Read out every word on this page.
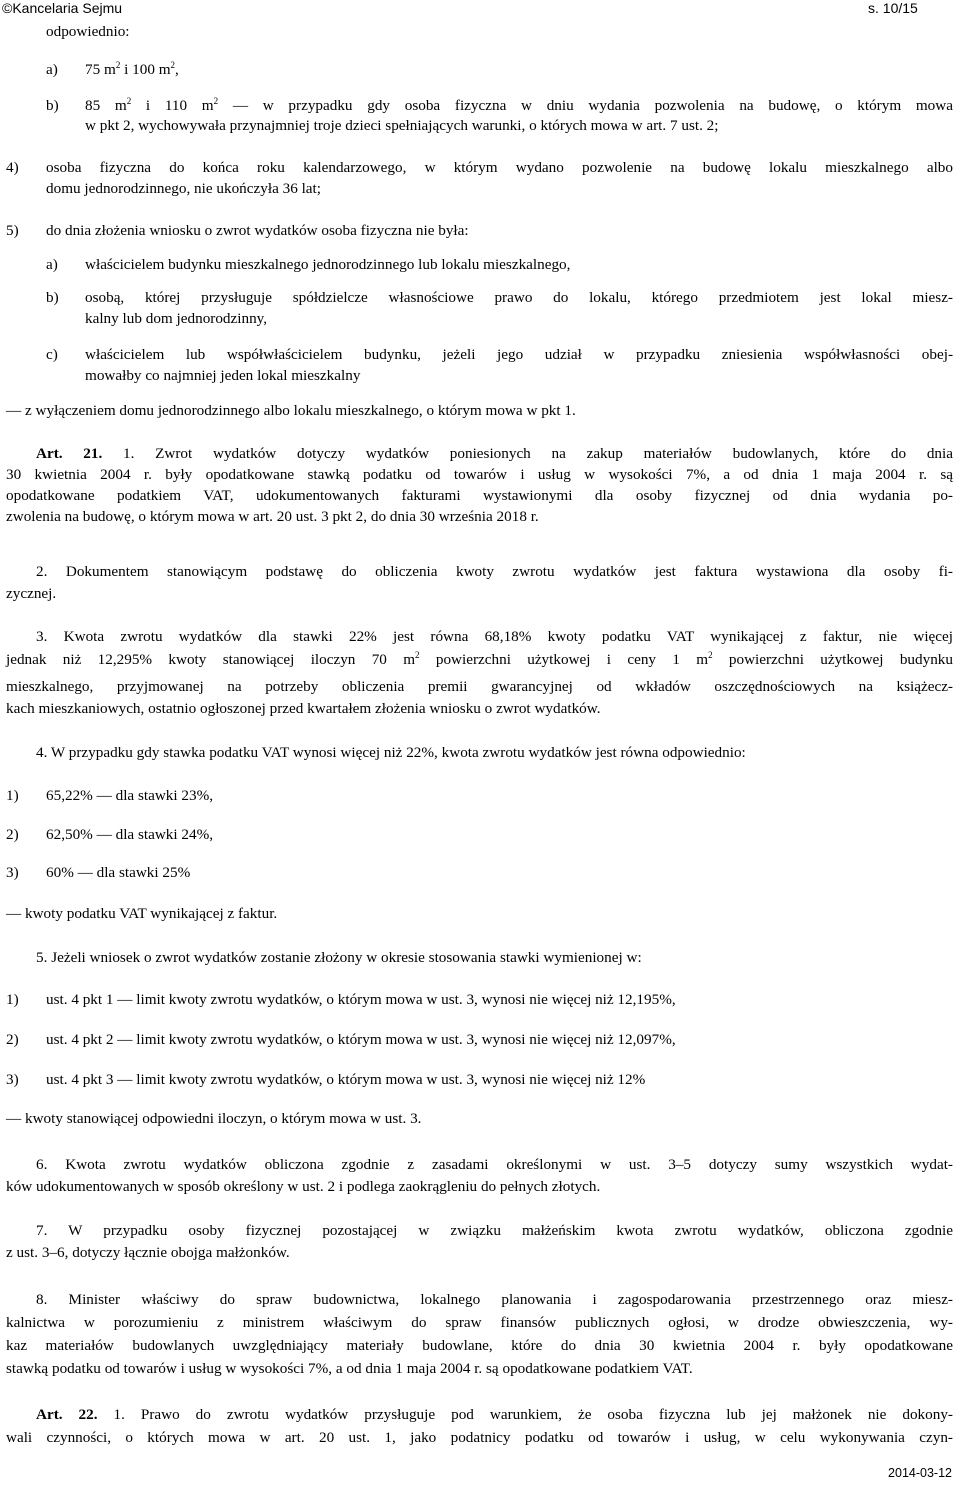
©Kancelaria Sejmu	s. 10/15
odpowiednio:
a) 75 $m^2$ i 100 $m^2$,
b) 85 $m^2$ i 110 $m^2$ — w przypadku gdy osoba fizyczna w dniu wydania pozwolenia na budowę, o którym mowa
w pkt 2, wychowywała przynajmniej troje dzieci spełniających warunki, o których mowa w art. 7 ust. 2;
4) osoba fizyczna do końca roku kalendarzowego, w którym wydano pozwolenie na budowę lokalu mieszkalnego albo
domu jednorodzinnego, nie ukończyła 36 lat;
5) do dnia złożenia wniosku o zwrot wydatków osoba fizyczna nie była:
a) właścicielem budynku mieszkalnego jednorodzinnego lub lokalu mieszkalnego,
b) osobą, której przysługuje spółdzielcze własnościowe prawo do lokalu, którego przedmiotem jest lokal miesz-
kalny lub dom jednorodzinny,
c) właścicielem lub współwłaścicielem budynku, jeżeli jego udział w przypadku zniesienia współwłasności obej-
mowałby co najmniej jeden lokal mieszkalny
— z wyłączeniem domu jednorodzinnego albo lokalu mieszkalnego, o którym mowa w pkt 1.
Art. 21. 1. Zwrot wydatków dotyczy wydatków poniesionych na zakup materiałów budowlanych, które do dnia
30 kwietnia 2004 r. były opodatkowane stawką podatku od towarów i usług w wysokości 7%, a od dnia 1 maja 2004 r. są
opodatkowane podatkiem VAT, udokumentowanych fakturami wystawionymi dla osoby fizycznej od dnia wydania po-
zwolenia na budowę, o którym mowa w art. 20 ust. 3 pkt 2, do dnia 30 września 2018 r.
2. Dokumentem stanowiącym podstawę do obliczenia kwoty zwrotu wydatków jest faktura wystawiona dla osoby fi-
zycznej.
3. Kwota zwrotu wydatków dla stawki 22% jest równa 68,18% kwoty podatku VAT wynikającej z faktur, nie więcej
jednak niż 12,295% kwoty stanowiącej iloczyn 70 $m^2$ powierzchni użytkowej i ceny 1 $m^2$ powierzchni użytkowej budynku
mieszkalnego, przyjmowanej na potrzeby obliczenia premii gwarancyjnej od wkładów oszczędnościowych na książecz-
kach mieszkaniowych, ostatnio ogłoszonej przed kwartałem złożenia wniosku o zwrot wydatków.
4. W przypadku gdy stawka podatku VAT wynosi więcej niż 22%, kwota zwrotu wydatków jest równa odpowiednio:
1) 65,22% — dla stawki 23%,
2) 62,50% — dla stawki 24%,
3) 60% — dla stawki 25%
— kwoty podatku VAT wynikającej z faktur.
5. Jeżeli wniosek o zwrot wydatków zostanie złożony w okresie stosowania stawki wymienionej w:
1) ust. 4 pkt 1 — limit kwoty zwrotu wydatków, o którym mowa w ust. 3, wynosi nie więcej niż 12,195%,
2) ust. 4 pkt 2 — limit kwoty zwrotu wydatków, o którym mowa w ust. 3, wynosi nie więcej niż 12,097%,
3) ust. 4 pkt 3 — limit kwoty zwrotu wydatków, o którym mowa w ust. 3, wynosi nie więcej niż 12%
— kwoty stanowiącej odpowiedni iloczyn, o którym mowa w ust. 3.
6. Kwota zwrotu wydatków obliczona zgodnie z zasadami określonymi w ust. 3–5 dotyczy sumy wszystkich wydat-
ków udokumentowanych w sposób określony w ust. 2 i podlega zaokrągleniu do pełnych złotych.
7. W przypadku osoby fizycznej pozostającej w związku małżeńskim kwota zwrotu wydatków, obliczona zgodnie
z ust. 3–6, dotyczy łącznie obojga małżonków.
8. Minister właściwy do spraw budownictwa, lokalnego planowania i zagospodarowania przestrzennego oraz miesz-
kalnictwa w porozumieniu z ministrem właściwym do spraw finansów publicznych ogłosi, w drodze obwieszczenia, wy-
kaz materiałów budowlanych uwzględniający materiały budowlane, które do dnia 30 kwietnia 2004 r. były opodatkowane
stawką podatku od towarów i usług w wysokości 7%, a od dnia 1 maja 2004 r. są opodatkowane podatkiem VAT.
Art. 22. 1. Prawo do zwrotu wydatków przysługuje pod warunkiem, że osoba fizyczna lub jej małżonek nie dokony-
wali czynności, o których mowa w art. 20 ust. 1, jako podatnicy podatku od towarów i usług, w celu wykonywania czyn-
2014-03-12
